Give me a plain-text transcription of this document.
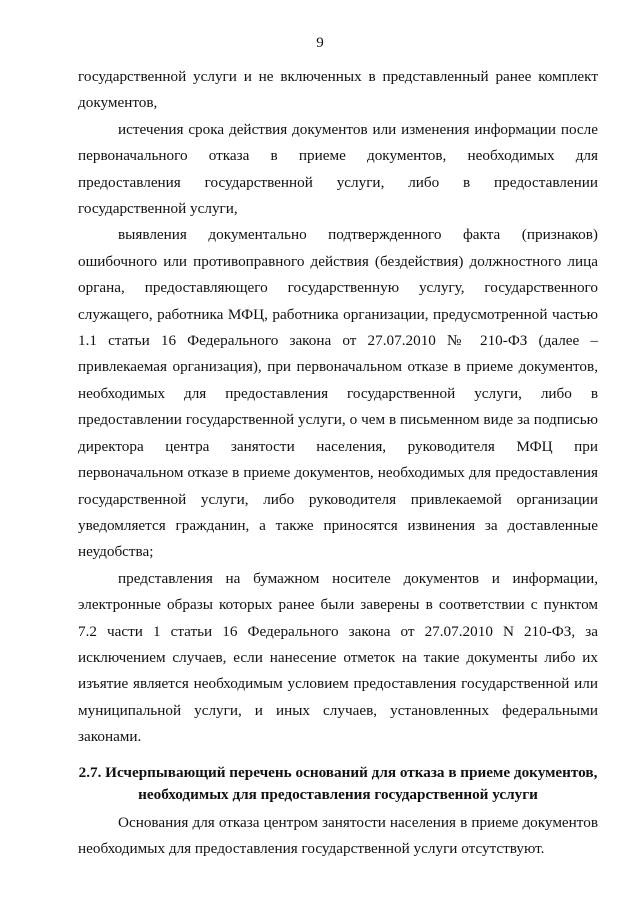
9

государственной услуги и не включенных в представленный ранее комплект документов,

истечения срока действия документов или изменения информации после первоначального отказа в приеме документов, необходимых для предоставления государственной услуги, либо в предоставлении государственной услуги,

выявления документально подтвержденного факта (признаков) ошибочного или противоправного действия (бездействия) должностного лица органа, предоставляющего государственную услугу, государственного служащего, работника МФЦ, работника организации, предусмотренной частью 1.1 статьи 16 Федерального закона от 27.07.2010 № 210-ФЗ (далее – привлекаемая организация), при первоначальном отказе в приеме документов, необходимых для предоставления государственной услуги, либо в предоставлении государственной услуги, о чем в письменном виде за подписью директора центра занятости населения, руководителя МФЦ при первоначальном отказе в приеме документов, необходимых для предоставления государственной услуги, либо руководителя привлекаемой организации уведомляется гражданин, а также приносятся извинения за доставленные неудобства;

представления на бумажном носителе документов и информации, электронные образы которых ранее были заверены в соответствии с пунктом 7.2 части 1 статьи 16 Федерального закона от 27.07.2010 N 210-ФЗ, за исключением случаев, если нанесение отметок на такие документы либо их изъятие является необходимым условием предоставления государственной или муниципальной услуги, и иных случаев, установленных федеральными законами.

2.7. Исчерпывающий перечень оснований для отказа в приеме документов, необходимых для предоставления государственной услуги

Основания для отказа центром занятости населения в приеме документов необходимых для предоставления государственной услуги отсутствуют.
